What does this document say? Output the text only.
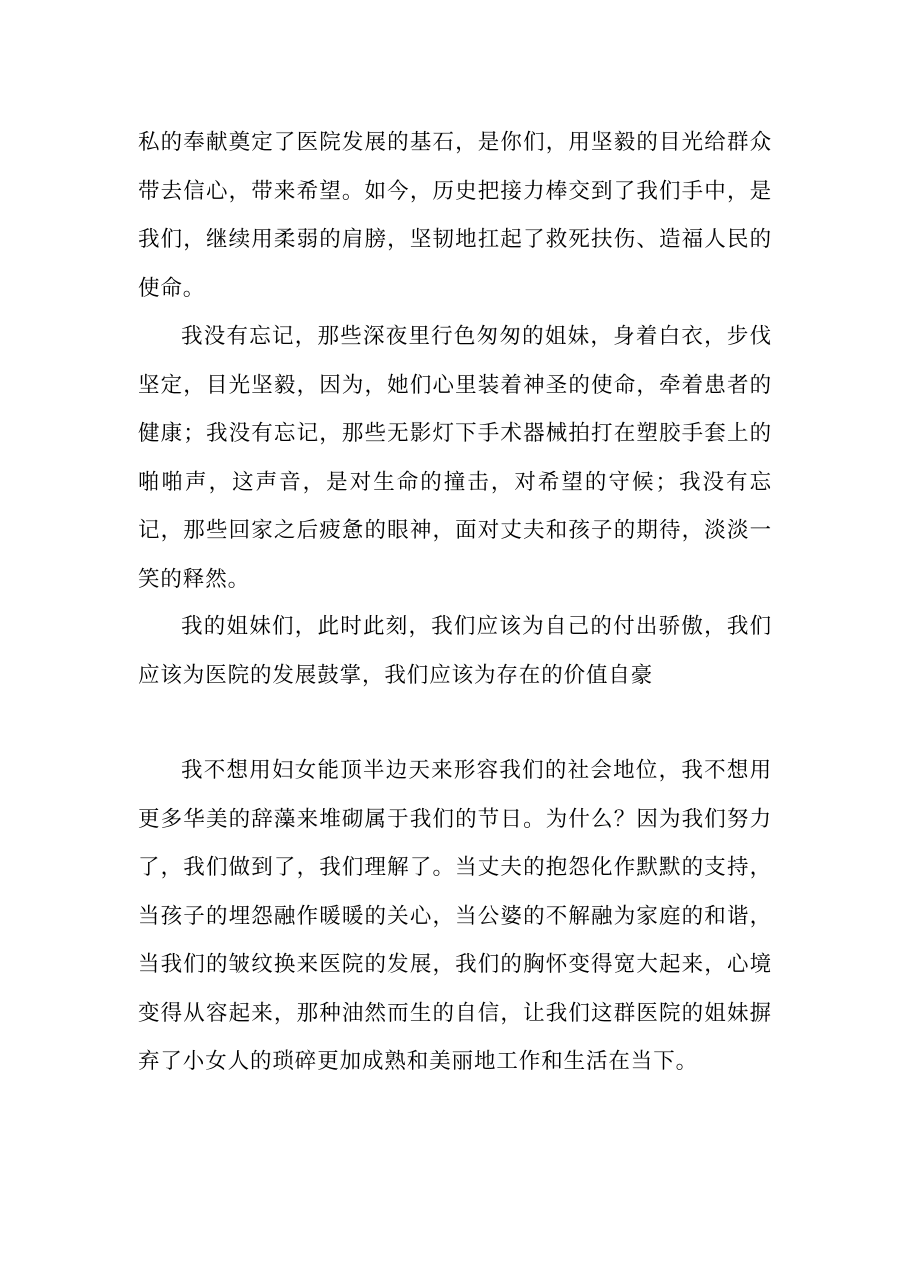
私的奉献奠定了医院发展的基石，是你们，用坚毅的目光给群众带去信心，带来希望。如今，历史把接力棒交到了我们手中，是我们，继续用柔弱的肩膀，坚韧地扛起了救死扶伤、造福人民的使命。

我没有忘记，那些深夜里行色匆匆的姐妹，身着白衣，步伐坚定，目光坚毅，因为，她们心里装着神圣的使命，牵着患者的健康；我没有忘记，那些无影灯下手术器械拍打在塑胶手套上的啪啪声，这声音，是对生命的撞击，对希望的守候；我没有忘记，那些回家之后疲惫的眼神，面对丈夫和孩子的期待，淡淡一笑的释然。

我的姐妹们，此时此刻，我们应该为自己的付出骄傲，我们应该为医院的发展鼓掌，我们应该为存在的价值自豪

我不想用妇女能顶半边天来形容我们的社会地位，我不想用更多华美的辞藻来堆砌属于我们的节日。为什么？因为我们努力了，我们做到了，我们理解了。当丈夫的抱怨化作默默的支持，当孩子的埋怨融作暖暖的关心，当公婆的不解融为家庭的和谐，当我们的皱纹换来医院的发展，我们的胸怀变得宽大起来，心境变得从容起来，那种油然而生的自信，让我们这群医院的姐妹摒弃了小女人的琐碎更加成熟和美丽地工作和生活在当下。
